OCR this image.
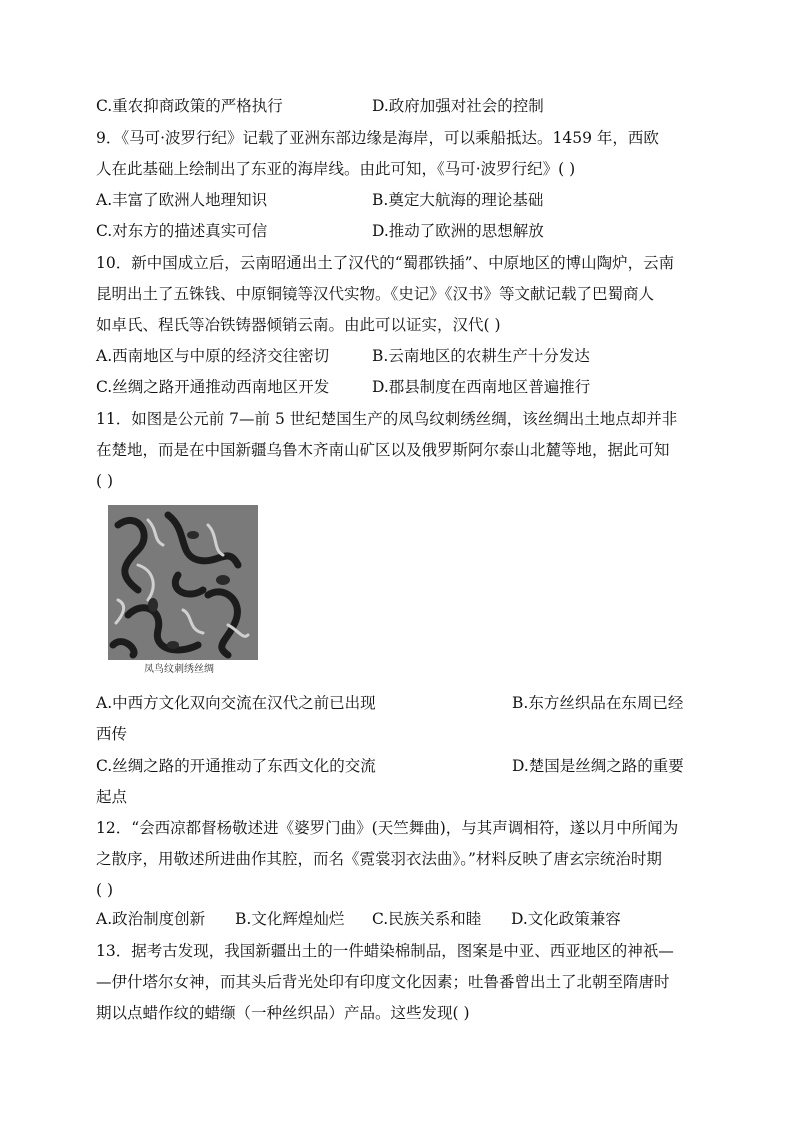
C.重农抑商政策的严格执行	D.政府加强对社会的控制
9．《马可·波罗行纪》记载了亚洲东部边缘是海岸，可以乘船抵达。1459 年，西欧
人在此基础上绘制出了东亚的海岸线。由此可知，《马可·波罗行纪》( )
A.丰富了欧洲人地理知识	B.奠定大航海的理论基础
C.对东方的描述真实可信	D.推动了欧洲的思想解放
10．新中国成立后，云南昭通出土了汉代的“蜀郡铁插”、中原地区的博山陶炉，云南
昆明出土了五铢钱、中原铜镜等汉代实物。《史记》《汉书》等文献记载了巴蜀商人
如卓氏、程氏等冶铁铸器倾销云南。由此可以证实，汉代( )
A.西南地区与中原的经济交往密切	B.云南地区的农耕生产十分发达
C.丝绸之路开通推动西南地区开发	D.郡县制度在西南地区普遍推行
11．如图是公元前 7—前 5 世纪楚国生产的凤鸟纹刺绣丝绸，该丝绸出土地点却并非
在楚地，而是在中国新疆乌鲁木齐南山矿区以及俄罗斯阿尔泰山北麓等地，据此可知
( )
凤鸟纹刺绣丝绸
A.中西方文化双向交流在汉代之前已出现	B.东方丝织品在东周已经
西传
C.丝绸之路的开通推动了东西文化的交流	D.楚国是丝绸之路的重要
起点
12．“会西凉都督杨敬述进《婆罗门曲》(天竺舞曲)，与其声调相符，遂以月中所闻为
之散序，用敬述所进曲作其腔，而名《霓裳羽衣法曲》。”材料反映了唐玄宗统治时期
( )
A.政治制度创新 B.文化辉煌灿烂 C.民族关系和睦 D.文化政策兼容
13．据考古发现，我国新疆出土的一件蜡染棉制品，图案是中亚、西亚地区的神祇—
—伊什塔尔女神，而其头后背光处印有印度文化因素；吐鲁番曾出土了北朝至隋唐时
期以点蜡作纹的蜡缬（一种丝织品）产品。这些发现( )
